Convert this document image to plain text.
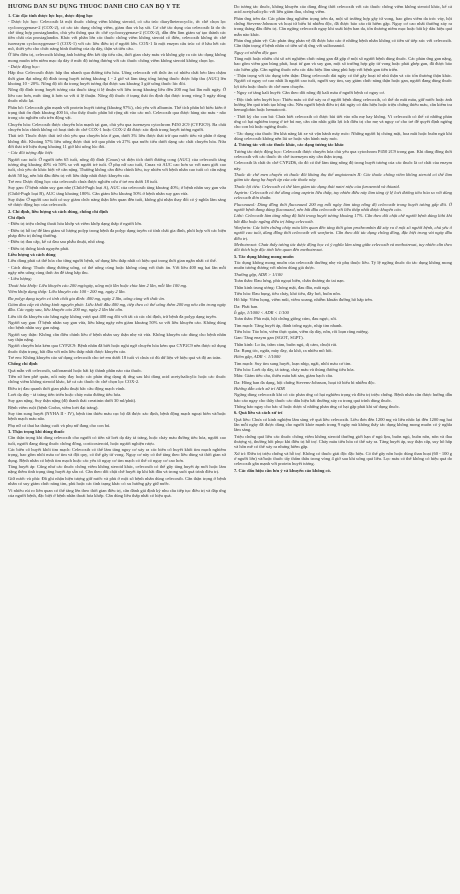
HƯỚNG DẪN SỬ DỤNG THUỐC DÀNH CHO CÁN BỘ Y TẾ

1. Các đặc tính dược lực học, dược động học

- Dược lực học: Celecoxib là một thuốc chống viêm không steroid, có cấu trúc diarylheterocyclic, ức chế chọn lọc cyclooxygenase-2 (COX-2), có các tác dụng chống viêm, giảm đau và hạ sốt. Cơ chế tác dụng của celecoxib là do ức chế tổng hợp prostaglandin, chủ yếu thông qua ức chế cyclooxygenase-2 (COX-2), dẫn đến làm giảm sự tạo thành các tiền chất của prostaglandin. Khác với phần lớn các thuốc chống viêm không steroid cổ điển, celecoxib không ức chế isoenzym cyclooxygenase-1 (COX-1) với các liều điều trị ở người lớn. COX-1 là một enzym cấu trúc có ở hầu hết các mô, thiết yếu cho chức năng bình thường của dạ dày, thận và tiểu cầu.

Ở liều điều trị, celecoxib không ảnh hưởng đến kết tập tiểu cầu, thời gian chảy máu và không gây ra các tác dụng không mong muốn trên niêm mạc dạ dày ở mức độ tương đương với các thuốc chống viêm không steroid không chọn lọc.

- Dược động học:

Hấp thu: Celecoxib được hấp thu nhanh qua đường tiêu hóa. Uống celecoxib với thức ăn có nhiều chất béo làm chậm thời gian đạt nồng độ đỉnh trong huyết tương khoảng 1 - 2 giờ và làm tăng tổng lượng thuốc được hấp thu (AUC) lên khoảng 10 - 20%. Nồng độ tối đa trong huyết tương đạt được sau khoảng 3 giờ uống thuốc lúc đói.

Nồng độ đỉnh trong huyết tương của thuốc tăng tỉ lệ thuận với liều trong khoảng liều đến 200 mg hai lần mỗi ngày. Ở liều cao hơn, mức tăng ít hơn so với tỉ lệ thuận. Nồng độ thuốc ở trạng thái ổn định đạt được trong vòng 5 ngày dùng thuốc nhắc lại.

Phân bố: Celecoxib gắn mạnh với protein huyết tương (khoảng 97%), chủ yếu với albumin. Thể tích phân bố biểu kiến ở trạng thái ổn định khoảng 400 lít, cho thấy thuốc phân bố rộng rãi vào các mô. Celecoxib qua được hàng rào máu - não trong các nghiên cứu trên động vật.

Chuyển hóa: Celecoxib được chuyển hóa mạnh tại gan, chủ yếu qua isoenzym cytochrom P450 2C9 (CYP2C9). Ba chất chuyển hóa chính không có hoạt tính ức chế COX-1 hoặc COX-2 đã được xác định trong huyết tương người.

Thải trừ: Thuốc được thải trừ chủ yếu qua chuyển hóa ở gan, dưới 3% liều được thải trừ qua nước tiểu và phân ở dạng không đổi. Khoảng 57% liều uống được thải trừ qua phân và 27% qua nước tiểu dưới dạng các chất chuyển hóa. Nửa đời thải trừ hiệu dụng khoảng 11 giờ khi uống lúc đói.

- Các đối tượng đặc biệt:

Người cao tuổi: Ở người trên 65 tuổi, nồng độ đỉnh (Cmax) và diện tích dưới đường cong (AUC) của celecoxib tăng tương ứng khoảng 40% và 50% so với người trẻ tuổi. Ở phụ nữ cao tuổi, Cmax và AUC cao hơn so với nam giới cao tuổi, chủ yếu do khác biệt về cân nặng. Thường không cần điều chỉnh liều, tuy nhiên với bệnh nhân cao tuổi có cân nặng dưới 50 kg, nên bắt đầu điều trị với liều thấp nhất được khuyến cáo.

Trẻ em: Dược động học của celecoxib chưa được nghiên cứu ở trẻ em dưới 18 tuổi.

Suy gan: Ở bệnh nhân suy gan nhẹ (Child-Pugh loại A), AUC của celecoxib tăng khoảng 40%; ở bệnh nhân suy gan vừa (Child-Pugh loại B), AUC tăng khoảng 180%. Cần giảm liều khoảng 50% ở bệnh nhân suy gan vừa.

Suy thận: Ở người cao tuổi có suy giảm chức năng thận liên quan đến tuổi, không ghi nhận thay đổi có ý nghĩa lâm sàng về dược động học của celecoxib.

2. Chỉ định, liều lượng và cách dùng, chống chỉ định

Chỉ định

- Điều trị triệu chứng thoái hóa khớp và viêm khớp dạng thấp ở người lớn.

- Điều trị hỗ trợ để làm giảm số lượng polyp trong bệnh đa polyp dạng tuyến có tính chất gia đình, phối hợp với các biện pháp điều trị thông thường.

- Điều trị đau cấp, kể cả đau sau phẫu thuật, nhổ răng.

- Điều trị thống kinh nguyên phát.

Liều lượng và cách dùng

Liều dùng phải cá thể hóa cho từng người bệnh, sử dụng liều thấp nhất có hiệu quả trong thời gian ngắn nhất có thể.

- Cách dùng: Thuốc dùng đường uống, có thể uống cùng hoặc không cùng với thức ăn. Với liều 400 mg hai lần mỗi ngày nên uống cùng thức ăn để tăng hấp thu.

- Liều lượng:

Thoái hóa khớp: Liều khuyến cáo 200 mg/ngày, uống một lần hoặc chia làm 2 lần, mỗi lần 100 mg.

Viêm khớp dạng thấp: Liều khuyến cáo 100 - 200 mg, ngày 2 lần.

Đa polyp dạng tuyến có tính chất gia đình: 400 mg, ngày 2 lần, uống cùng với thức ăn.

Giảm đau cấp và thống kinh nguyên phát: Liều khởi đầu 400 mg, tiếp theo có thể uống thêm 200 mg nếu cần trong ngày đầu. Các ngày sau, liều khuyến cáo 200 mg, ngày 2 lần khi cần.

Liều tối đa khuyến cáo hằng ngày không vượt quá 400 mg đối với tất cả các chỉ định, trừ bệnh đa polyp dạng tuyến.

Người suy gan: Ở bệnh nhân suy gan vừa, liều hằng ngày nên giảm khoảng 50% so với liều khuyến cáo. Không dùng cho bệnh nhân suy gan nặng.

Người suy thận: Không cần điều chỉnh liều ở bệnh nhân suy thận nhẹ và vừa. Không khuyến cáo dùng cho bệnh nhân suy thận nặng.

Người chuyển hóa kém qua CYP2C9: Bệnh nhân đã biết hoặc nghi ngờ chuyển hóa kém qua CYP2C9 nên được sử dụng thuốc thận trọng, bắt đầu với nửa liều thấp nhất được khuyến cáo.

Trẻ em: Không khuyến cáo sử dụng celecoxib cho trẻ em dưới 18 tuổi vì chưa có đủ dữ liệu về hiệu quả và độ an toàn.

Chống chỉ định

Quá mẫn với celecoxib, sulfonamid hoặc bất kỳ thành phần nào của thuốc.

Tiền sử hen phế quản, nổi mày đay hoặc các phản ứng dạng dị ứng sau khi dùng acid acetylsalicylic hoặc các thuốc chống viêm không steroid khác, kể cả các thuốc ức chế chọn lọc COX-2.

Điều trị đau quanh thời gian phẫu thuật bắc cầu động mạch vành.

Loét dạ dày - tá tràng tiến triển hoặc chảy máu đường tiêu hóa.

Suy gan nặng. Suy thận nặng (độ thanh thải creatinin dưới 30 ml/phút).

Bệnh viêm ruột (bệnh Crohn, viêm loét đại tràng).

Suy tim sung huyết (NYHA II - IV), bệnh tim thiếu máu cục bộ đã được xác định, bệnh động mạch ngoại biên và/hoặc bệnh mạch máu não.

Phụ nữ có thai ba tháng cuối và phụ nữ đang cho con bú.

3. Thận trọng khi dùng thuốc

Cần thận trọng khi dùng celecoxib cho người có tiền sử loét dạ dày tá tràng, hoặc chảy máu đường tiêu hóa, người cao tuổi, người đang dùng thuốc chống đông, corticosteroid, hoặc người nghiện rượu.

Các biến cố huyết khối tim mạch: Celecoxib có thể làm tăng nguy cơ xảy ra các biến cố huyết khối tim mạch nghiêm trọng, bao gồm nhồi máu cơ tim và đột quỵ, có thể gây tử vong. Nguy cơ này có thể tăng theo liều dùng và thời gian sử dụng. Bệnh nhân có bệnh tim mạch hoặc các yếu tố nguy cơ tim mạch có thể có nguy cơ cao hơn.

Tăng huyết áp: Cũng như các thuốc chống viêm không steroid khác, celecoxib có thể gây tăng huyết áp mới hoặc làm nặng thêm tình trạng tăng huyết áp sẵn có. Cần theo dõi chặt chẽ huyết áp khi bắt đầu và trong suốt quá trình điều trị.

Giữ nước và phù: Đã ghi nhận hiện tượng giữ nước và phù ở một số bệnh nhân dùng celecoxib. Cần thận trọng ở bệnh nhân có suy giảm chức năng tim, phù hoặc các tình trạng khác có xu hướng gây giữ nước.

Vì nhiều rủi ro liên quan có thể tăng lên theo thời gian điều trị, cần đánh giá định kỳ nhu cầu tiếp tục điều trị và đáp ứng của người bệnh, đặc biệt ở bệnh nhân thoái hóa khớp. Cần dùng liều thấp nhất có hiệu quả.

Do tương tác thuốc, không khuyến cáo dùng đồng thời celecoxib với các thuốc chống viêm không steroid khác, kể cả acid acetylsalicylic với liều giảm đau, chống viêm.

Phản ứng trên da: Các phản ứng nghiêm trọng trên da, một số trường hợp gây tử vong, bao gồm viêm da tróc vảy, hội chứng Stevens-Johnson và hoại tử biểu bì nhiễm độc, đã được báo cáo rất hiếm gặp. Nguy cơ cao nhất thường xảy ra trong tháng đầu điều trị. Cần ngừng celecoxib ngay khi xuất hiện ban da, tổn thương niêm mạc hoặc bất kỳ dấu hiệu quá mẫn nào khác.

Phản ứng phản vệ: Các phản ứng phản vệ đã được báo cáo ở những bệnh nhân không có tiền sử tiếp xúc với celecoxib. Cần thận trọng ở bệnh nhân có tiền sử dị ứng với sulfonamid.

Nguy cơ nhiễm độc gan

Tăng một hoặc nhiều chỉ số xét nghiệm chức năng gan đã gặp ở một số người bệnh dùng thuốc. Các phản ứng gan nặng, bao gồm viêm gan bùng phát, hoại tử gan và suy gan, một số trường hợp gây tử vong hoặc phải ghép gan, đã được báo cáo hiếm gặp. Cần ngừng thuốc nếu các dấu hiệu lâm sàng phù hợp với bệnh gan tiến triển.

- Thận trọng với tác dụng trên thận: Dùng celecoxib dài ngày có thể gây hoại tử nhú thận và các tổn thương thận khác. Người có nguy cơ cao nhất là người cao tuổi, người suy tim, suy giảm chức năng thận hoặc gan, người đang dùng thuốc lợi tiểu hoặc thuốc ức chế men chuyển.

- Nguy cơ tăng kali huyết: Cần theo dõi nồng độ kali máu ở người bệnh có nguy cơ.

- Độc tính trên huyết học: Thiếu máu có thể xảy ra ở người bệnh dùng celecoxib, có thể do mất máu, giữ nước hoặc ảnh hưởng lên quá trình tạo hồng cầu. Nếu người bệnh điều trị dài ngày có dấu hiệu hoặc triệu chứng thiếu máu, cần kiểm tra hemoglobin hoặc hematocrit.

- Thời kỳ cho con bú: Chưa biết celecoxib có được bài tiết vào sữa mẹ hay không. Vì celecoxib có thể có những phản ứng có hại nghiêm trọng ở trẻ bú mẹ, cần cân nhắc giữa lợi ích điều trị cho mẹ và nguy cơ cho trẻ để quyết định ngừng cho con bú hoặc ngừng thuốc.

- Tác dụng của thuốc lên khả năng lái xe và vận hành máy móc: Những người bị chóng mặt, hoa mắt hoặc buồn ngủ khi dùng celecoxib không nên lái xe hoặc vận hành máy móc.

4. Tương tác với các thuốc khác, các dạng tương tác khác

Tương tác dược động học: Celecoxib được chuyển hóa chủ yếu qua cytochrom P450 2C9 trong gan. Khi dùng đồng thời celecoxib với các thuốc ức chế isoenzym này cần thận trọng.

Celecoxib là chất ức chế CYP2D6, do đó có thể làm tăng nồng độ trong huyết tương của các thuốc là cơ chất của enzym này.

Thuốc ức chế men chuyển và thuốc đối kháng thụ thể angiotensin II: Các thuốc chống viêm không steroid có thể làm giảm tác dụng hạ huyết áp của các thuốc này.

Thuốc lợi tiểu: Celecoxib có thể làm giảm tác dụng thải natri niệu của furosemid và thiazid.

Aspirin: Celecoxib có thể dùng cùng aspirin liều thấp, tuy nhiên điều này làm tăng tỷ lệ loét đường tiêu hóa so với dùng celecoxib đơn thuần.

Fluconazol: Dùng đồng thời fluconazol 200 mg mỗi ngày làm tăng nồng độ celecoxib trong huyết tương gấp đôi. Ở người bệnh đang dùng fluconazol, nên bắt đầu celecoxib với liều thấp nhất được khuyến cáo.

Lithi: Celecoxib làm tăng nồng độ lithi trong huyết tương khoảng 17%. Cần theo dõi chặt chẽ người bệnh dùng lithi khi bắt đầu hoặc ngừng điều trị bằng celecoxib.

Warfarin: Các biến chứng chảy máu liên quan đến tăng thời gian prothrombin đã xảy ra ở một số người bệnh, chủ yếu ở người cao tuổi, dùng đồng thời celecoxib với warfarin. Cần theo dõi tác dụng chống đông, đặc biệt trong vài ngày đầu điều trị.

Methotrexat: Chưa thấy tương tác dược động học có ý nghĩa lâm sàng giữa celecoxib và methotrexat, tuy nhiên cần theo dõi thích hợp độc tính liên quan đến methotrexat.

5. Tác dụng không mong muốn

Tác dụng không mong muốn của celecoxib thường nhẹ và phụ thuộc liều. Tỷ lệ ngừng thuốc do tác dụng không mong muốn tương đương với nhóm dùng giả dược.

Thường gặp, ADR > 1/100

Toàn thân: Đau lưng, phù ngoại biên, chấn thương do tai nạn.

Thần kinh trung ương: Chóng mặt, đau đầu, mất ngủ.

Tiêu hóa: Đau bụng, tiêu chảy, khó tiêu, đầy hơi, buồn nôn.

Hô hấp: Viêm họng, viêm mũi, viêm xoang, nhiễm khuẩn đường hô hấp trên.

Da: Phát ban.

Ít gặp, 1/1000 < ADR < 1/100

Toàn thân: Phù mặt, hội chứng giống cúm, đau ngực, sốt.

Tim mạch: Tăng huyết áp, đánh trống ngực, nhịp tim nhanh.

Tiêu hóa: Táo bón, viêm thực quản, viêm dạ dày, nôn, rối loạn răng miệng.

Gan: Tăng enzym gan (SGOT, SGPT).

Thần kinh: Lo âu, trầm cảm, buồn ngủ, dị cảm, chuột rút.

Da: Rụng tóc, ngứa, mày đay, da khô, ra nhiều mồ hôi.

Hiếm gặp, ADR < 1/1000

Tim mạch: Suy tim sung huyết, loạn nhịp, ngất, nhồi máu cơ tim.

Tiêu hóa: Loét dạ dày, tá tràng, chảy máu và thủng đường tiêu hóa.

Máu: Giảm tiểu cầu, thiếu máu bất sản, giảm bạch cầu.

Da: Hồng ban đa dạng, hội chứng Stevens-Johnson, hoại tử biểu bì nhiễm độc.

Hướng dẫn cách xử trí ADR

Ngừng dùng celecoxib khi có các phản ứng có hại nghiêm trọng và điều trị triệu chứng. Bệnh nhân cần được hướng dẫn báo cáo ngay cho thầy thuốc các dấu hiệu bất thường xảy ra trong quá trình dùng thuốc.

Thông báo ngay cho bác sĩ hoặc dược sĩ những phản ứng có hại gặp phải khi sử dụng thuốc.

6. Quá liều và cách xử trí

Quá liều: Chưa có kinh nghiệm lâm sàng về quá liều celecoxib. Liều đơn đến 1200 mg và liều nhắc lại đến 1200 mg hai lần mỗi ngày đã được dùng cho người khỏe mạnh trong 9 ngày mà không thấy tác dụng không mong muốn có ý nghĩa lâm sàng.

Triệu chứng quá liều các thuốc chống viêm không steroid thường giới hạn ở ngủ lịm, buồn ngủ, buồn nôn, nôn và đau thượng vị, thường hồi phục khi điều trị hỗ trợ. Chảy máu tiêu hóa có thể xảy ra. Tăng huyết áp, suy thận cấp, suy hô hấp và hôn mê có thể xảy ra nhưng hiếm gặp.

Xử trí: Điều trị triệu chứng và hỗ trợ. Không có thuốc giải độc đặc hiệu. Có thể gây nôn hoặc dùng than hoạt (60 - 100 g ở người lớn) và/hoặc thuốc tẩy thẩm thấu trong vòng 4 giờ sau khi uống quá liều. Lọc máu có thể không có hiệu quả do celecoxib gắn mạnh với protein huyết tương.

7. Các dấu hiệu cần lưu ý và khuyến cáo không có.
